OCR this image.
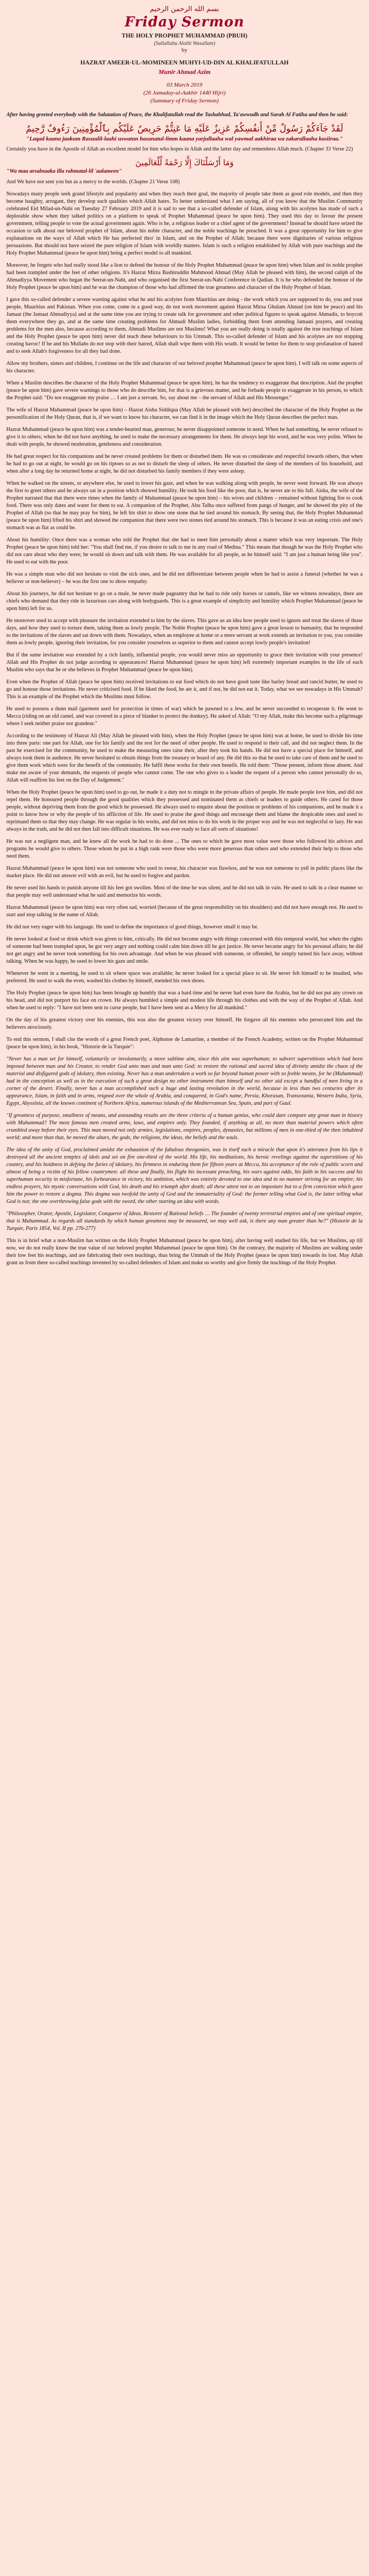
بسم الله الرحمن الرحيم
Friday Sermon
THE HOLY PROPHET MUHAMMAD (PBUH)
(Sallallahu Alaihi Wasallam)
by
HAZRAT AMEER-UL-MOMINEEN MUHYI-UD-DIN AL KHALIFATULLAH
Munir Ahmad Azim
03 March 2019
(26 Jamaday-ul-Aakhir 1440 Hijri)
(Summary of Friday Sermon)
After having greeted everybody with the Salutation of Peace, the Khalifatullah read the Tashahhud, Ta'awwudh and Surah Al Fatiha and then he said:
لَقَدْ جَآءَكُمْ رَسُولٌ مِّنْ أَنفُسِكُمْ عَزِيزٌ عَلَيْهِ مَا عَنِتُّمْ حَرِيصٌ عَلَيْكُم بِٱلْمُؤْمِنِينَ رَءُوفٌ رَّحِيمٌ
"Laqad kaana jaakum Rasuulil-laahi uswatun hasanatul-limm kaana yarjullaaha wal yawmal aakhiraa wa zakarallaaha kasiiraa."

Certainly you have in the Apostle of Allah an excellent model for him who hopes in Allah and the latter day and remembers Allah much. (Chapter 33 Verse 22)

وَمَا أَرْسَلْنَاكَ إِلَّا رَحْمَةً لِّلْعَالَمِينَ
"Wa maa arsalnaaka illa rahmatal-lil 'aalameen"

And We have not sent you but as a mercy to the worlds. (Chapter 21 Verse 108)

Nowadays many people seek grand lifestyle and popularity and when they reach their goal, the majority of people take them as good role models, and then they become haughty, arrogant, they develop such qualities which Allah hates. To better understand what I am saying, all of you know that the Muslim Community celebrated Eid Milad-un-Nabi on Tuesday 27 February 2019 and it is sad to see that a so-called defender of Islam, along with his acolytes has made of such a deplorable show when they talked politics on a platform to speak of Prophet Muhammad (peace be upon him). They used this day to favour the present government, telling people to vote the actual government again. Who is he, a religious leader or a chief agent of the government? Instead he should have seized the occasion to talk about our beloved prophet of Islam, about his noble character, and the noble teachings he preached. It was a great opportunity for him to give explanations on the ways of Allah which He has perfected thro' in Islam, and on the Prophet of Allah; because there were dignitaries of various religious persuasions. But should not have seized the pure religion of Islam with worldly matters. Islam is such a religion established by Allah with pure teachings and the Holy Prophet Muhammad (peace be upon him) being a perfect model to all mankind.

Moreover, he forgets who had really stood like a lion to defend the honour of the Holy Prophet Muhammad (peace be upon him) when Islam and its noble prophet had been trampled under the feet of other religions. It's Hazrat Mirza Bashiruddin Mahmood Ahmad (May Allah be pleased with him), the second caliph of the Ahmadiyya Movement who began the Seerat-un-Nabi, and who organised the first Seerat-un-Nabi Conference in Qadian. It is he who defended the honour of the Holy Prophet (peace be upon him) and he was the champion of those who had affirmed the true greatness and character of the Holy Prophet of Islam.

I gave this so-called defender a severe warning against what he and his acolytes from Mauritius are doing - the work which you are supposed to do, you and your people, Mauritius and Pakistan. When you come, come in a good way, do not work movement against Hazrat Mirza Ghulam Ahmad (on him be peace) and his Jamaat (the Jamaat Ahmadiyya) and at the same time you are trying to create talk for government and other political figures to speak against Ahmadis, to boycott them everywhere they go, and at the same time creating problems for Ahmadi Muslim ladies, forbidding them from attending Jamaati prayers, and creating problems for the men also, because according to them, Ahmadi Muslims are not Muslims! What you are really doing is totally against the true teachings of Islam and the Holy Prophet (peace be upon him) never did teach these behaviours to his Ummah. This so-called defender of Islam and his acolytes are not stopping creating havoc! If he and his Mullahs do not stop with their hatred, Allah shall wipe them with His wrath. It would be better for them to stop profanation of hatred and to seek Allah's forgiveness for all they had done.

Allow my brothers, sisters and children, I continue on the life and character of our beloved prophet Muhammad (peace be upon him). I will talk on some aspects of his character.

When a Muslim describes the character of the Holy Prophet Muhammad (peace be upon him), he has the tendency to exaggerate that description. And the prophet (peace be upon him) gave severe warnings to those who do describe him, for that is a grievous matter, and he forbade people to exaggerate in his person, to which the Prophet said: "Do not exaggerate my praise … I am just a servant. So, say about me – the servant of Allah and His Messenger."

The wife of Hazrat Muhammad (peace be upon him) – Hazrat Aisha Siddiqua (May Allah be pleased with her) described the character of the Holy Prophet as the personification of the Holy Quran, that is, if we want to know his character, we can find it in the image which the Holy Quran describes the perfect man.

Hazrat Muhammad (peace be upon him) was a tender-hearted man, generous; he never disappointed someone in need. When he had something, he never refused to give it to others; when he did not have anything, he used to make the necessary arrangements for them. He always kept his word, and he was very polite. When he dealt with people, he showed moderation, gentleness and consideration.

He had great respect for his companions and he never created problems for them or disturbed them. He was so considerate and respectful towards others, that when he had to go out at night, he would go on his tiptoes so as not to disturb the sleep of others. He never disturbed the sleep of the members of his household, and when after a long day he returned home at night, he did not disturbed his family members if they were asleep.

When he walked on the streets, or anywhere else, he used to lower his gaze, and when he was walking along with people, he never went forward. He was always the first to greet others and he always sat in a position which showed humility. He took his food like the poor, that is, he never ate to his full. Aisha, the wife of the Prophet narrated that that there were times when the family of Muhammad (peace be upon him) – his wives and children – remained without lighting fire to cook food. There was only dates and water for them to eat. A companion of the Prophet, Abu Talha once suffered from pangs of hunger, and he showed the pity of the Prophet of Allah (so that he may pray for him), he left his shirt to show one stone that he tied around his stomach. By seeing that, the Holy Prophet Muhammad (peace be upon him) lifted his shirt and showed the companion that there were two stones tied around his stomach. This is because it was an eating crisis and one's stomach was as flat as could be.

About his humility: Once there was a woman who told the Prophet that she had to meet him personally about a matter which was very important. The Holy Prophet (peace be upon him) told her: "You shall find me, if you desire to talk to me in any road of Medina." This means that though he was the Holy Prophet who did not care about who they were; he would sit down and talk with them. He was available for all people, as he himself said: "I am just a human being like you". He used to eat with the poor.

He was a simple man who did not hesitate to visit the sick ones, and he did not differentiate between people when he had to assist a funeral (whether he was a believer or non-believer) – he was the first one to show empathy.

About his journeys, he did not hesitate to go on a mule, he never made pageantry that he had to ride only horses or camels, like we witness nowadays, there are chiefs who demand that they ride in luxurious cars along with bodyguards. This is a great example of simplicity and humility which Prophet Muhammad (peace be upon him) left for us.

He moreover used to accept with pleasure the invitation extended to him by the slaves. This gave us an idea how people used to ignore and treat the slaves of those days, and how they used to torture them, taking them as lowly people. The Noble Prophet (peace be upon him) gave a great lesson to humanity, that he responded to the invitations of the slaves and sat down with them. Nowadays, when an employee at home or a mere servant at work extends an invitation to you, you consider them as lowly people, ignoring their invitation, for you consider yourselves as superior to them and cannot accept lowly people's invitation!

But if the same invitation was extended by a rich family, influential people, you would never miss an opportunity to grace their invitation with your presence! Allah and His Prophet do not judge according to appearances! Hazrat Muhammad (peace be upon him) left extremely important examples in the life of each Muslim who says that he or she believes in Prophet Muhammad (peace be upon him).

Even when the Prophet of Allah (peace be upon him) received invitations to eat food which do not have good taste like barley bread and rancid butter, he used to go and honour those invitations. He never criticised food. If he liked the food, he ate it, and if not, he did not eat it. Today, what we see nowadays in His Ummah? This is an example of the Prophet which the Muslims must follow.

He used to possess a dunn mail (garment used for protection in times of war) which he pawned to a Jew, and he never succeeded to recuperate it. He went to Mecca (riding on an old camel, and was covered in a piece of blanket to protect the donkey). He asked of Allah: "O my Allah, make this become such a pilgrimage where I seek neither praise nor grandeur."

According to the testimony of Hazrat Ali (May Allah be pleased with him), when the Holy Prophet (peace be upon him) was at home, he used to divide his time into three parts: one part for Allah, one for his family and the rest for the need of other people. He used to respond to their call, and did not neglect them. In the past he exercised for the community, he used to make the measuring ones raise their, after they took his hands. He did not have a special place for himself, and always took them in audience. He never hesitated to obtain things from the treasury or board of any. He did this so that he used to take care of them and he used to give them work which were for the benefit of the community. He fulfil these works for their own benefit. He told them: "Those present, inform those absent. And make me aware of your demands, the requests of people who cannot come. The one who gives to a leader the request of a person who cannot personally do so, Allah will reaffirm his feet on the Day of Judgement."

When the Holy Prophet (peace be upon him) used to go out, he made it a duty not to mingle in the private affairs of people. He made people love him, and did not repel them. He honoured people through the good qualities which they possessed and nominated them as chiefs or leaders to guide others. He cared for those people, without depriving them from the good which he possessed. He always used to enquire about the position or problems of his companions, and he made it a point to know how or why the people of his affliction of life. He used to praise the good things and encourage them and blame the despicable ones and used to reprimand them so that they may change. He was regular in his works, and did not miss to do his work in the proper way and he was not neglectful or lazy. He was always in the truth, and he did not then fall into difficult situations. He was ever ready to face all sorts of situations!

He was not a negligent man, and he knew all the work he had to do done ... The ones to which he gave most value were those who followed his advices and programs he would give to others. Those whom he put in a high rank were those who were more generous than others and who extended their help to those who need them.

Hazrat Muhammad (peace be upon him) was not someone who used to swear, his character was flawless, and he was not someone to yell in public places like the market place. He did not answer evil with an evil, but he used to forgive and pardon.

He never used his hands to punish anyone till his feet got swollen. Most of the time he was silent, and he did not talk in vain. He used to talk in a clear manner so that people may well understand what he said and memorize his words.

Hazrat Muhammad (peace be upon him) was very often sad, worried (because of the great responsibility on his shoulders) and did not have enough rest. He used to start and stop talking in the name of Allah.

He did not very eager with his language. He used to define the importance of good things, however small it may be.

He never looked at food or drink which was given to him, critically. He did not become angry with things concerned with this temporal world, but when the rights of someone had been trampled upon, he got very angry and nothing could calm him down till he got justice. He never became angry for his personal affairs; he did not get angry and he never took something for his own advantage. And when he was pleased with someone, or offended, he simply turned his face away, without talking. When he was happy, he used to lower his gaze and smile.

Whenever he went in a meeting, he used to sit where space was available; he never looked for a special place to sit. He never felt himself to be insulted, who preferred. He used to walk the even, washed his clothes by himself, mended his own shoes.

The Holy Prophet (peace be upon him) has been brought up humbly that was a hard time and he never had even have the Arabia, but he did not put any crown on his head, and did not purport his face on crown. He always humbled a simple and modest life through his clothes and with the way of the Prophet of Allah. And when he used to reply: "I have not been sent to curse people, but I have been sent as a Mercy for all mankind."

On the day of his greatest victory over his enemies, this was also the greatest victory over himself. He forgave all his enemies who persecuted him and the believers atrociously.

To end this sermon, I shall cite the words of a great French poet, Alphonse de Lamartine, a member of the French Academy, written on the Prophet Muhammad (peace be upon him), in his book, "Historie de la Turquie":

"Never has a man set for himself, voluntarily or involuntarily, a more sublime aim, since this aim was superhuman; to subvert superstitions which had been imposed between man and his Creator, to render God unto man and man unto God; to restore the rational and sacred idea of divinity amidst the chaos of the material and disfigured gods of idolatry, then existing. Never has a man undertaken a work so far beyond human power with so feeble means, for he (Muhammad) had in the conception as well as in the execution of such a great design no other instrument than himself and no other aid except a handful of men living in a corner of the desert. Finally, never has a man accomplished such a huge and lasting revolution in the world, because in less than two centuries after its appearance, Islam, in faith and in arms, reigned over the whole of Arabia, and conquered, in God's name, Persia, Khorasan, Transoxania, Western India, Syria, Egypt, Abyssinia, all the known continent of Northern Africa, numerous islands of the Mediterranean Sea, Spain, and part of Gaul.

"If greatness of purpose, smallness of means, and astounding results are the three criteria of a human genius, who could dare compare any great man in history with Muhammad? The most famous men created arms, laws, and empires only. They founded, if anything at all, no more than material powers which often crumbled away before their eyes. This man moved not only armies, legislations, empires, peoples, dynasties, but millions of men in one-third of the then inhabited world; and more than that, he moved the altars, the gods, the religions, the ideas, the beliefs and the souls.

The idea of the unity of God, proclaimed amidst the exhaustion of the fabulous theogonies, was in itself such a miracle that upon it's utterance from his lips it destroyed all the ancient temples of idols and set on fire one-third of the world. His life, his meditations, his heroic revelings against the superstitions of his country, and his boldness in defying the furies of idolatry, his firmness in enduring them for fifteen years at Mecca, his acceptance of the role of public scorn and almost of being a victim of his fellow countrymen: all these and finally, his flight his incessant preaching, his wars against odds, his faith in his success and his superhuman security in misfortune, his forbearance in victory, his ambition, which was entirely devoted to one idea and in no manner striving for an empire; his endless prayers, his mystic conversations with God, his death and his triumph after death; all these attest not to an imposture but to a firm conviction which gave him the power to restore a dogma. This dogma was twofold the unity of God and the immateriality of God: the former telling what God is, the latter telling what God is not; the one overthrowing false gods with the sword, the other starting an idea with words.

"Philosopher, Orator, Apostle, Legislator, Conqueror of Ideas, Restorer of Rational beliefs … The founder of twenty terrestrial empires and of one spiritual empire, that is Muhammad. As regards all standards by which human greatness may be measured, we may well ask, is there any man greater than he?" (Historie de la Turquie, Paris 1854, Vol. II pp. 276-277)

This is in brief what a non-Muslim has written on the Holy Prophet Muhammad (peace be upon him), after having well studied his life, but we Muslims, up till now, we do not really know the true value of our beloved prophet Muhammad (peace be upon him). On the contrary, the majority of Muslims are walking under their low feet his teachings, and are fabricating their own teachings, thus bring the Ummah of the Holy Prophet (peace be upon him) towards its lost. May Allah grant us from there so-called teachings invented by so-called defenders of Islam and make us worthy and give firmly the teachings of the Holy Prophet.
